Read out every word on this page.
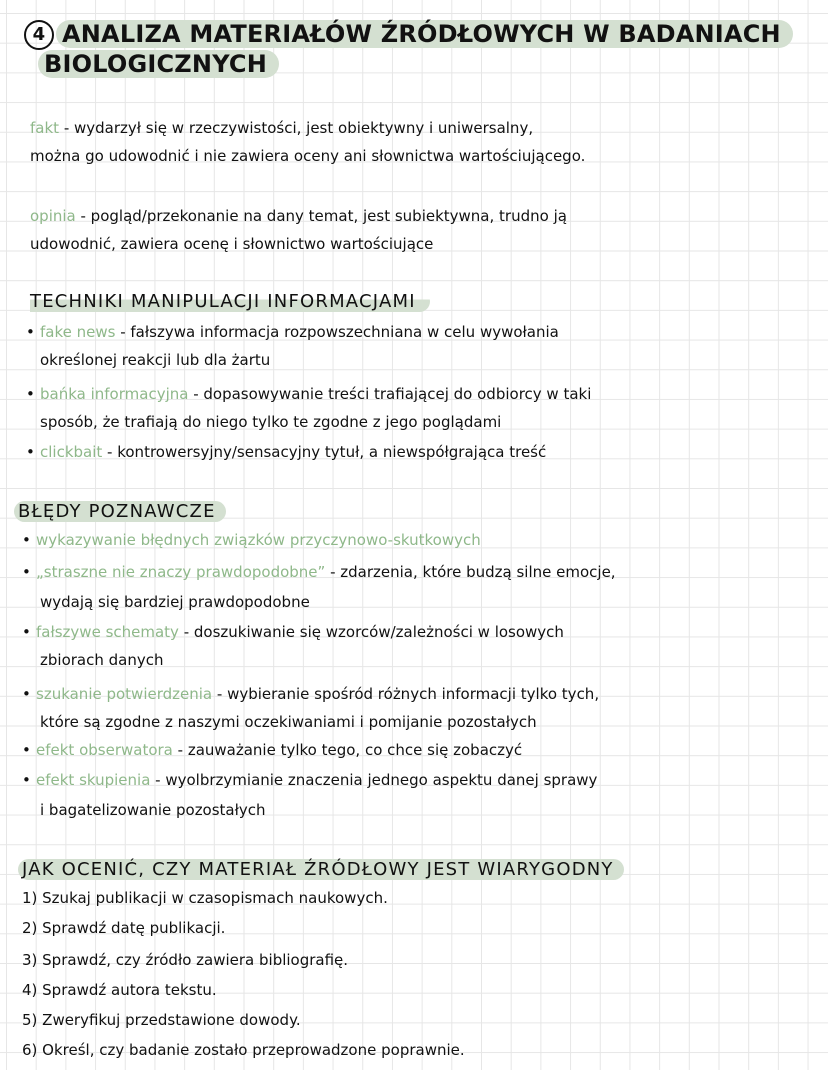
4 ANALIZA MATERIAŁÓW ŹRÓDŁOWYCH W BADANIACH
BIOLOGICZNYCH
fakt - wydarzył się w rzeczywistości, jest obiektywny i uniwersalny,
można go udowodnić i nie zawiera oceny ani słownictwa wartościującego.
opinia - pogląd/przekonanie na dany temat, jest subiektywna, trudno ją
udowodnić, zawiera ocenę i słownictwo wartościujące
TECHNIKI MANIPULACJI INFORMACJAMI
• fake news - fałszywa informacja rozpowszechniana w celu wywołania
określonej reakcji lub dla żartu
• bańka informacyjna - dopasowywanie treści trafiającej do odbiorcy w taki
sposób, że trafiają do niego tylko te zgodne z jego poglądami
• clickbait - kontrowersyjny/sensacyjny tytuł, a niewspółgrająca treść
BŁĘDY POZNAWCZE
• wykazywanie błędnych związków przyczynowo-skutkowych
• „straszne nie znaczy prawdopodobne” - zdarzenia, które budzą silne emocje,
wydają się bardziej prawdopodobne
• fałszywe schematy - doszukiwanie się wzorców/zależności w losowych
zbiorach danych
• szukanie potwierdzenia - wybieranie spośród różnych informacji tylko tych,
które są zgodne z naszymi oczekiwaniami i pomijanie pozostałych
• efekt obserwatora - zauważanie tylko tego, co chce się zobaczyć
• efekt skupienia - wyolbrzymianie znaczenia jednego aspektu danej sprawy
i bagatelizowanie pozostałych
JAK OCENIĆ, CZY MATERIAŁ ŹRÓDŁOWY JEST WIARYGODNY
1) Szukaj publikacji w czasopismach naukowych.
2) Sprawdź datę publikacji.
3) Sprawdź, czy źródło zawiera bibliografię.
4) Sprawdź autora tekstu.
5) Zweryfikuj przedstawione dowody.
6) Określ, czy badanie zostało przeprowadzone poprawnie.
